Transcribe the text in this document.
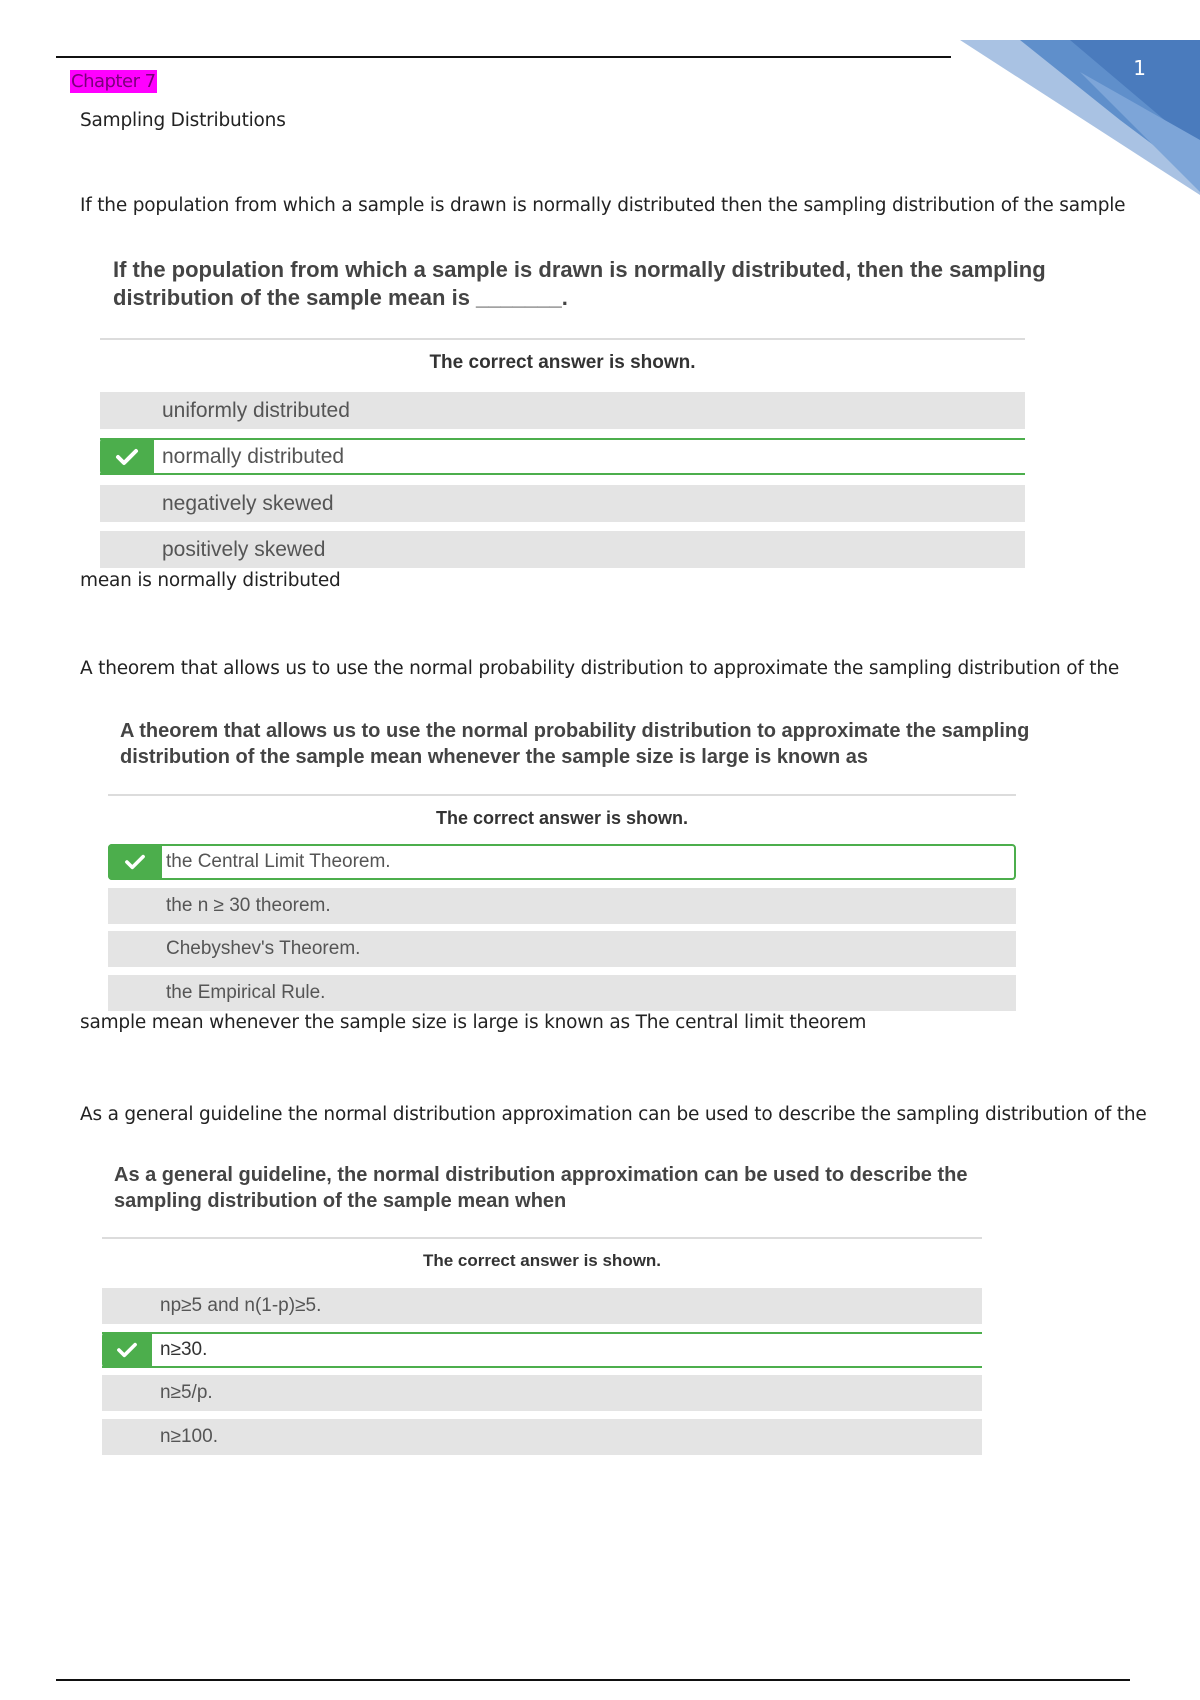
1
Chapter 7
Sampling Distributions
If the population from which a sample is drawn is normally distributed then the sampling distribution of the sample
If the population from which a sample is drawn is normally distributed, then the sampling
distribution of the sample mean is _______.
The correct answer is shown.
uniformly distributed
normally distributed
negatively skewed
positively skewed
mean is normally distributed
A theorem that allows us to use the normal probability distribution to approximate the sampling distribution of the
A theorem that allows us to use the normal probability distribution to approximate the sampling
distribution of the sample mean whenever the sample size is large is known as
The correct answer is shown.
the Central Limit Theorem.
the n ≥ 30 theorem.
Chebyshev's Theorem.
the Empirical Rule.
sample mean whenever the sample size is large is known as The central limit theorem
As a general guideline the normal distribution approximation can be used to describe the sampling distribution of the
As a general guideline, the normal distribution approximation can be used to describe the
sampling distribution of the sample mean when
The correct answer is shown.
np≥5 and n(1-p)≥5.
n≥30.
n≥5/p.
n≥100.
